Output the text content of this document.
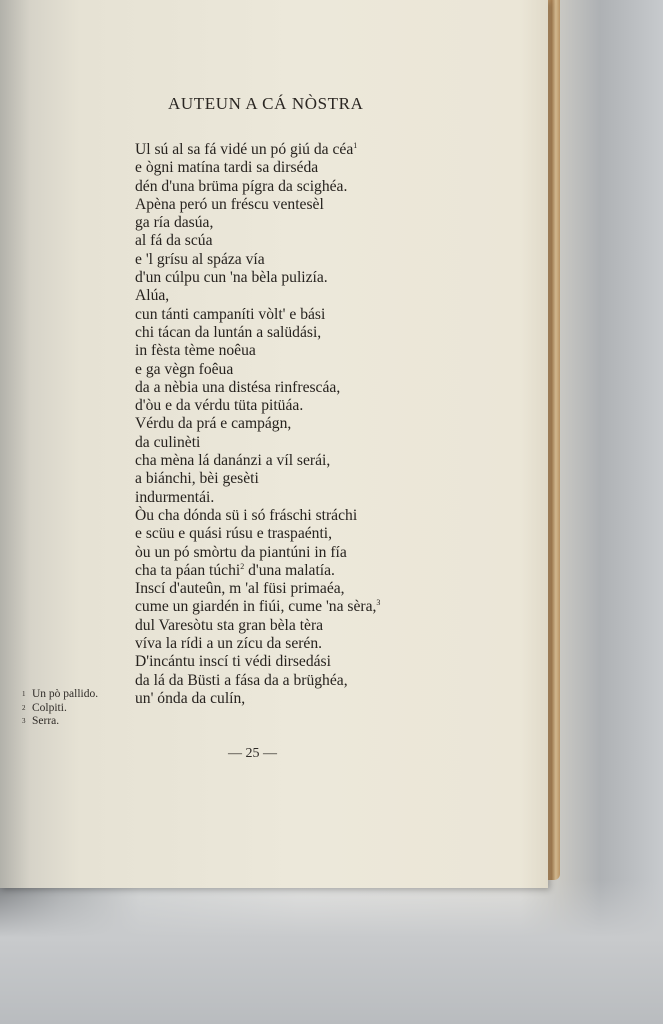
AUTEUN A CÁ NÒSTRA
Ul sú al sa fá vidé un pó giú da céa$^1$
e ògni matína tardi sa dirséda
dén d'una brüma pígra da scighéa.
Apèna peró un fréscu ventesèl
ga ría dasúa,
al fá da scúa
e 'l grísu al spáza vía
d'un cúlpu cun 'na bèla pulizía.
Alúa,
cun tánti campaníti vòlt' e bási
chi tácan da luntán a salüdási,
in fèsta tème noêua
e ga vègn foêua
da a nèbia una distésa rinfrescáa,
d'òu e da vérdu tüta pitüáa.
Vérdu da prá e campágn,
da culinèti
cha mèna lá danánzi a víl serái,
a biánchi, bèi gesèti
indurmentái.
Òu cha dónda sü i só fráschi stráchi
e scüu e quási rúsu e traspaénti,
òu un pó smòrtu da piantúni in fía
cha ta páan túchi$^2$ d'una malatía.
Inscí d'auteûn, m 'al füsi primaéa,
cume un giardén in fiúi, cume 'na sèra,$^3$
dul Varesòtu sta gran bèla tèra
víva la rídi a un zícu da serén.
D'incántu inscí ti védi dirsedási
da lá da Büsti a fása da a brüghéa,
un' ónda da culín,
1 Un pò pallido.
2 Colpiti.
3 Serra.
— 25 —
